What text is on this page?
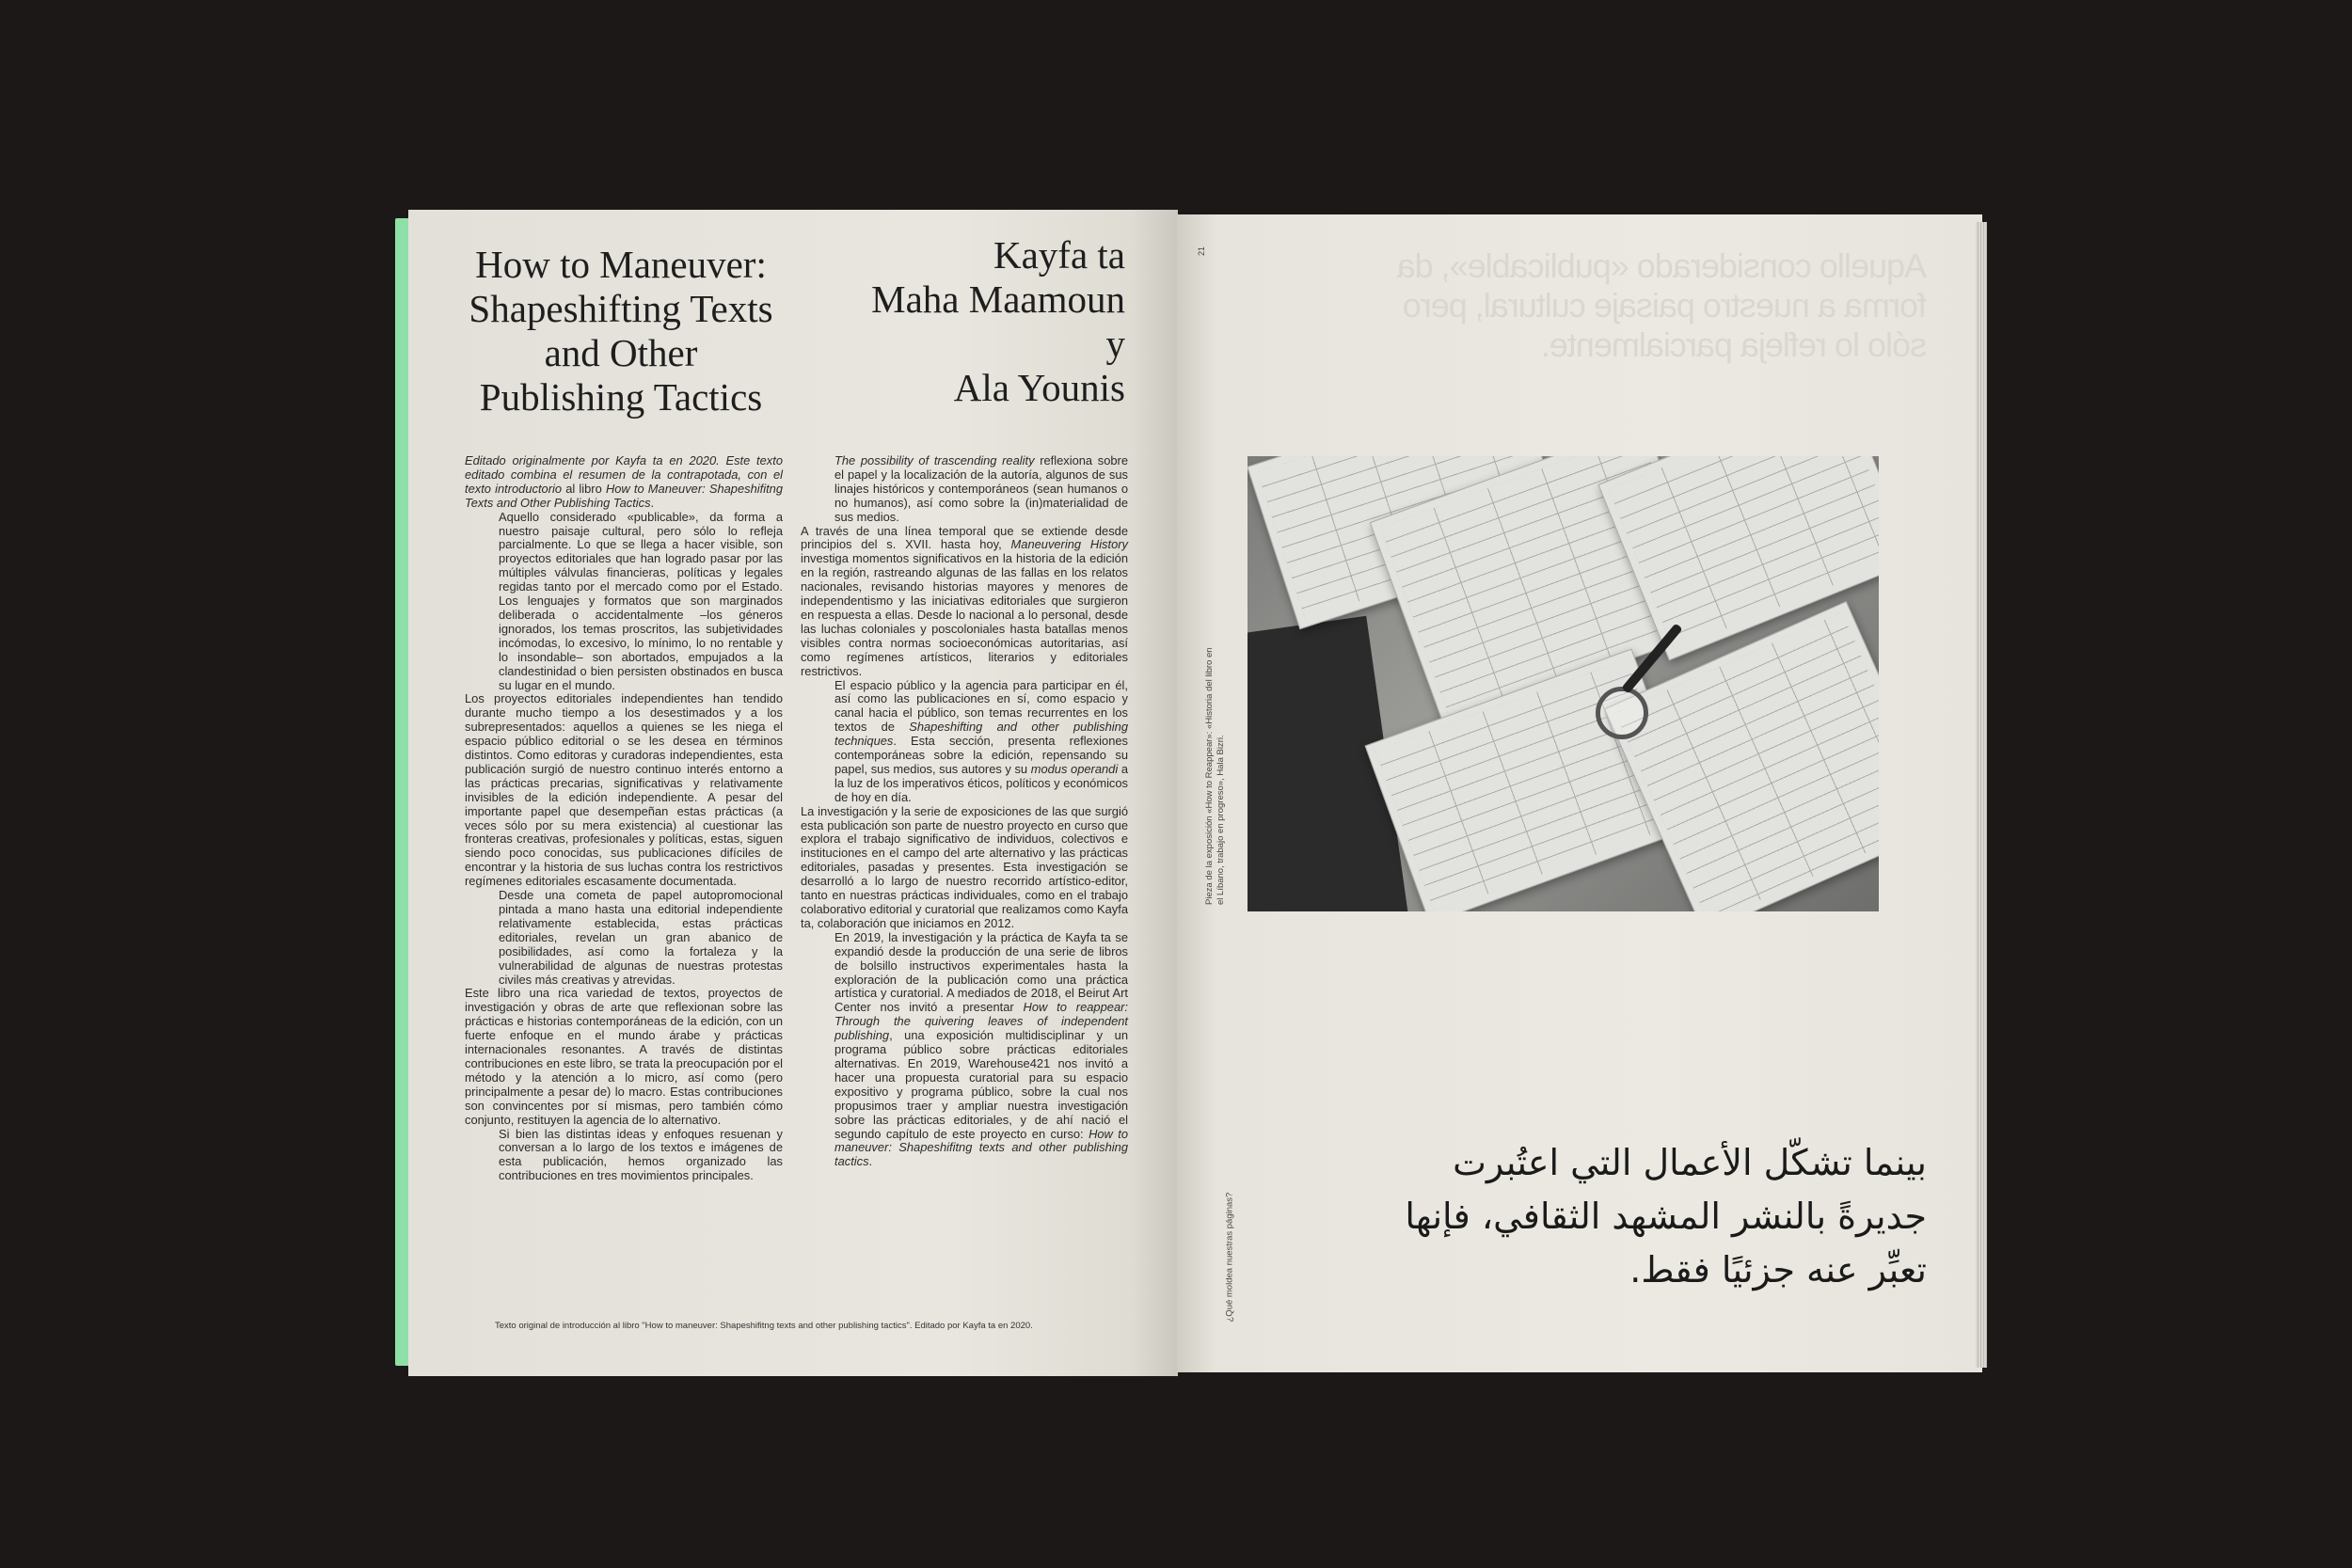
How to Maneuver:
Shapeshifting Texts
and Other
Publishing Tactics
Kayfa ta
Maha Maamoun
y
Ala Younis

Editado originalmente por Kayfa ta en 2020. Este texto editado combina el resumen de la contrapotada, con el texto introductorio al libro How to Maneuver: Shapeshifitng Texts and Other Publishing Tactics.

Aquello considerado «publicable», da forma a nuestro paisaje cultural, pero sólo lo refleja parcialmente. Lo que se llega a hacer visible, son proyectos editoriales que han logrado pasar por las múltiples válvulas financieras, políticas y legales regidas tanto por el mercado como por el Estado. Los lenguajes y formatos que son marginados deliberada o accidentalmente –los géneros ignorados, los temas proscritos, las subjetividades incómodas, lo excesivo, lo mínimo, lo no rentable y lo insondable– son abortados, empujados a la clandestinidad o bien persisten obstinados en busca su lugar en el mundo.

Los proyectos editoriales independientes han tendido durante mucho tiempo a los desestimados y a los subrepresentados: aquellos a quienes se les niega el espacio público editorial o se les desea en términos distintos. Como editoras y curadoras independientes, esta publicación surgió de nuestro continuo interés entorno a las prácticas precarias, significativas y relativamente invisibles de la edición independiente. A pesar del importante papel que desempeñan estas prácticas (a veces sólo por su mera existencia) al cuestionar las fronteras creativas, profesionales y políticas, estas, siguen siendo poco conocidas, sus publicaciones difíciles de encontrar y la historia de sus luchas contra los restrictivos regímenes editoriales escasamente documentada.

Desde una cometa de papel autopromocional pintada a mano hasta una editorial independiente relativamente establecida, estas prácticas editoriales, revelan un gran abanico de posibilidades, así como la fortaleza y la vulnerabilidad de algunas de nuestras protestas civiles más creativas y atrevidas.

Este libro una rica variedad de textos, proyectos de investigación y obras de arte que reflexionan sobre las prácticas e historias contemporáneas de la edición, con un fuerte enfoque en el mundo árabe y prácticas internacionales resonantes. A través de distintas contribuciones en este libro, se trata la preocupación por el método y la atención a lo micro, así como (pero principalmente a pesar de) lo macro. Estas contribuciones son convincentes por sí mismas, pero también cómo conjunto, restituyen la agencia de lo alternativo.

Si bien las distintas ideas y enfoques resuenan y conversan a lo largo de los textos e imágenes de esta publicación, hemos organizado las contribuciones en tres movimientos principales.

The possibility of trascending reality reflexiona sobre el papel y la localización de la autoría, algunos de sus linajes históricos y contemporáneos (sean humanos o no humanos), así como sobre la (in)materialidad de sus medios.

A través de una línea temporal que se extiende desde principios del s. XVII. hasta hoy, Maneuvering History investiga momentos significativos en la historia de la edición en la región, rastreando algunas de las fallas en los relatos nacionales, revisando historias mayores y menores de independentismo y las iniciativas editoriales que surgieron en respuesta a ellas. Desde lo nacional a lo personal, desde las luchas coloniales y poscoloniales hasta batallas menos visibles contra normas socioeconómicas autoritarias, así como regímenes artísticos, literarios y editoriales restrictivos.

El espacio público y la agencia para participar en él, así como las publicaciones en sí, como espacio y canal hacia el público, son temas recurrentes en los textos de Shapeshifting and other publishing techniques. Esta sección, presenta reflexiones contemporáneas sobre la edición, repensando su papel, sus medios, sus autores y su modus operandi a la luz de los imperativos éticos, políticos y económicos de hoy en día.

La investigación y la serie de exposiciones de las que surgió esta publicación son parte de nuestro proyecto en curso que explora el trabajo significativo de individuos, colectivos e instituciones en el campo del arte alternativo y las prácticas editoriales, pasadas y presentes. Esta investigación se desarrolló a lo largo de nuestro recorrido artístico-editor, tanto en nuestras prácticas individuales, como en el trabajo colaborativo editorial y curatorial que realizamos como Kayfa ta, colaboración que iniciamos en 2012.

En 2019, la investigación y la práctica de Kayfa ta se expandió desde la producción de una serie de libros de bolsillo instructivos experimentales hasta la exploración de la publicación como una práctica artística y curatorial. A mediados de 2018, el Beirut Art Center nos invitó a presentar How to reappear: Through the quivering leaves of independent publishing, una exposición multidisciplinar y un programa público sobre prácticas editoriales alternativas. En 2019, Warehouse421 nos invitó a hacer una propuesta curatorial para su espacio expositivo y programa público, sobre la cual nos propusimos traer y ampliar nuestra investigación sobre las prácticas editoriales, y de ahí nació el segundo capítulo de este proyecto en curso: How to maneuver: Shapeshifitng texts and other publishing tactics.

Texto original de introducción al libro "How to maneuver: Shapeshifitng texts and other publishing tactics". Editado por Kayfa ta en 2020.
21	Aquello considerado «publicable», da forma a nuestro paisaje cultural, pero sólo lo refleja parcialmente.
Pieza de la exposición «How to Reappear»: «Historia del libro en el Líbano, trabajo en progreso», Hala Bizri.
¿Qué moldea nuestras páginas?
بينما تشكّل الأعمال التي اعتُبرت
جديرةً بالنشر المشهد الثقافي، فإنها
تعبِّر عنه جزئيًا فقط.
